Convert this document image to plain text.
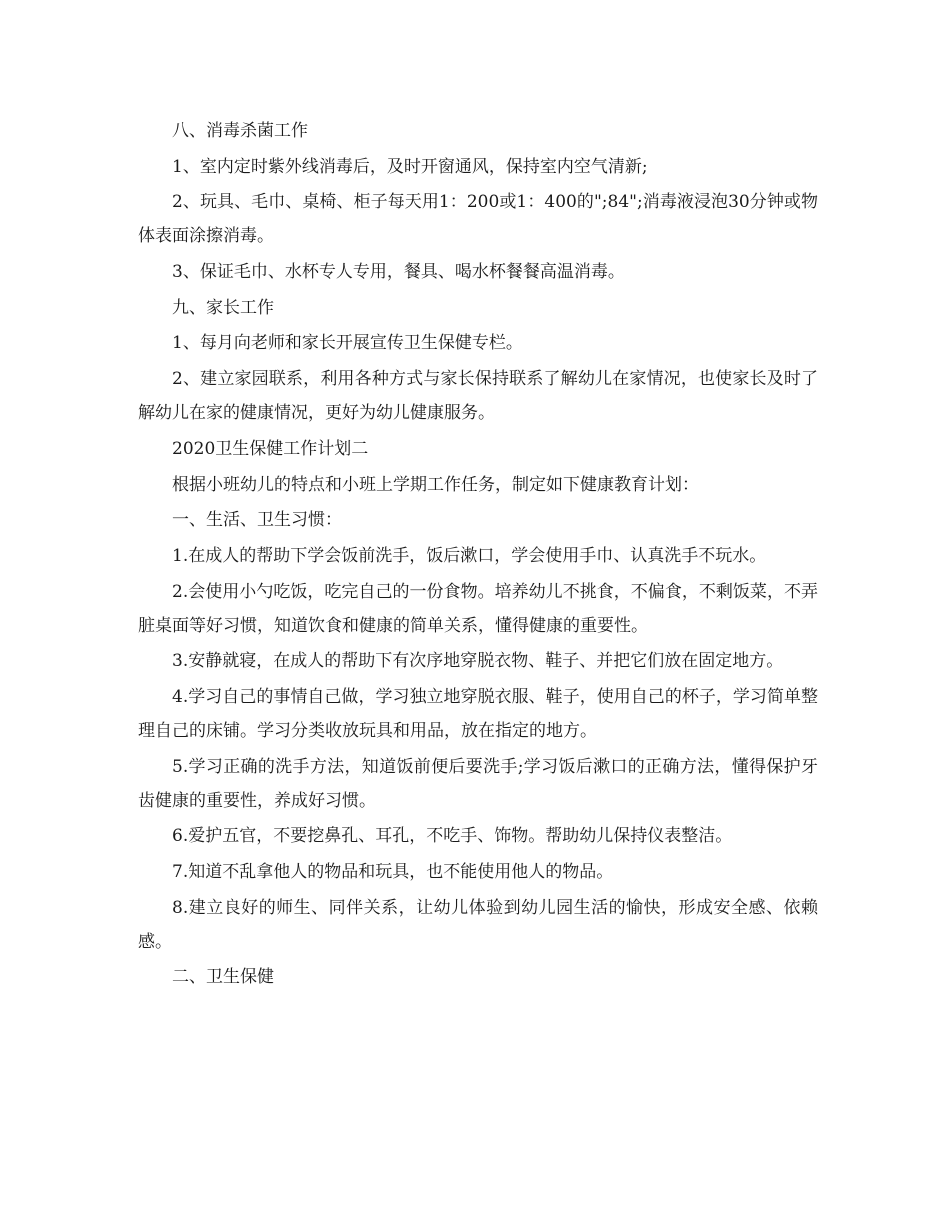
八、消毒杀菌工作

1、室内定时紫外线消毒后，及时开窗通风，保持室内空气清新;

2、玩具、毛巾、桌椅、柜子每天用1：200或1：400的";84";消毒液浸泡30分钟或物体表面涂擦消毒。

3、保证毛巾、水杯专人专用，餐具、喝水杯餐餐高温消毒。

九、家长工作

1、每月向老师和家长开展宣传卫生保健专栏。

2、建立家园联系，利用各种方式与家长保持联系了解幼儿在家情况，也使家长及时了解幼儿在家的健康情况，更好为幼儿健康服务。

2020卫生保健工作计划二

根据小班幼儿的特点和小班上学期工作任务，制定如下健康教育计划：

一、生活、卫生习惯：

1.在成人的帮助下学会饭前洗手，饭后漱口，学会使用手巾、认真洗手不玩水。

2.会使用小勺吃饭，吃完自己的一份食物。培养幼儿不挑食，不偏食，不剩饭菜，不弄脏桌面等好习惯，知道饮食和健康的简单关系，懂得健康的重要性。

3.安静就寝，在成人的帮助下有次序地穿脱衣物、鞋子、并把它们放在固定地方。

4.学习自己的事情自己做，学习独立地穿脱衣服、鞋子，使用自己的杯子，学习简单整理自己的床铺。学习分类收放玩具和用品，放在指定的地方。

5.学习正确的洗手方法，知道饭前便后要洗手;学习饭后漱口的正确方法，懂得保护牙齿健康的重要性，养成好习惯。

6.爱护五官，不要挖鼻孔、耳孔，不吃手、饰物。帮助幼儿保持仪表整洁。

7.知道不乱拿他人的物品和玩具，也不能使用他人的物品。

8.建立良好的师生、同伴关系，让幼儿体验到幼儿园生活的愉快，形成安全感、依赖感。

二、卫生保健
